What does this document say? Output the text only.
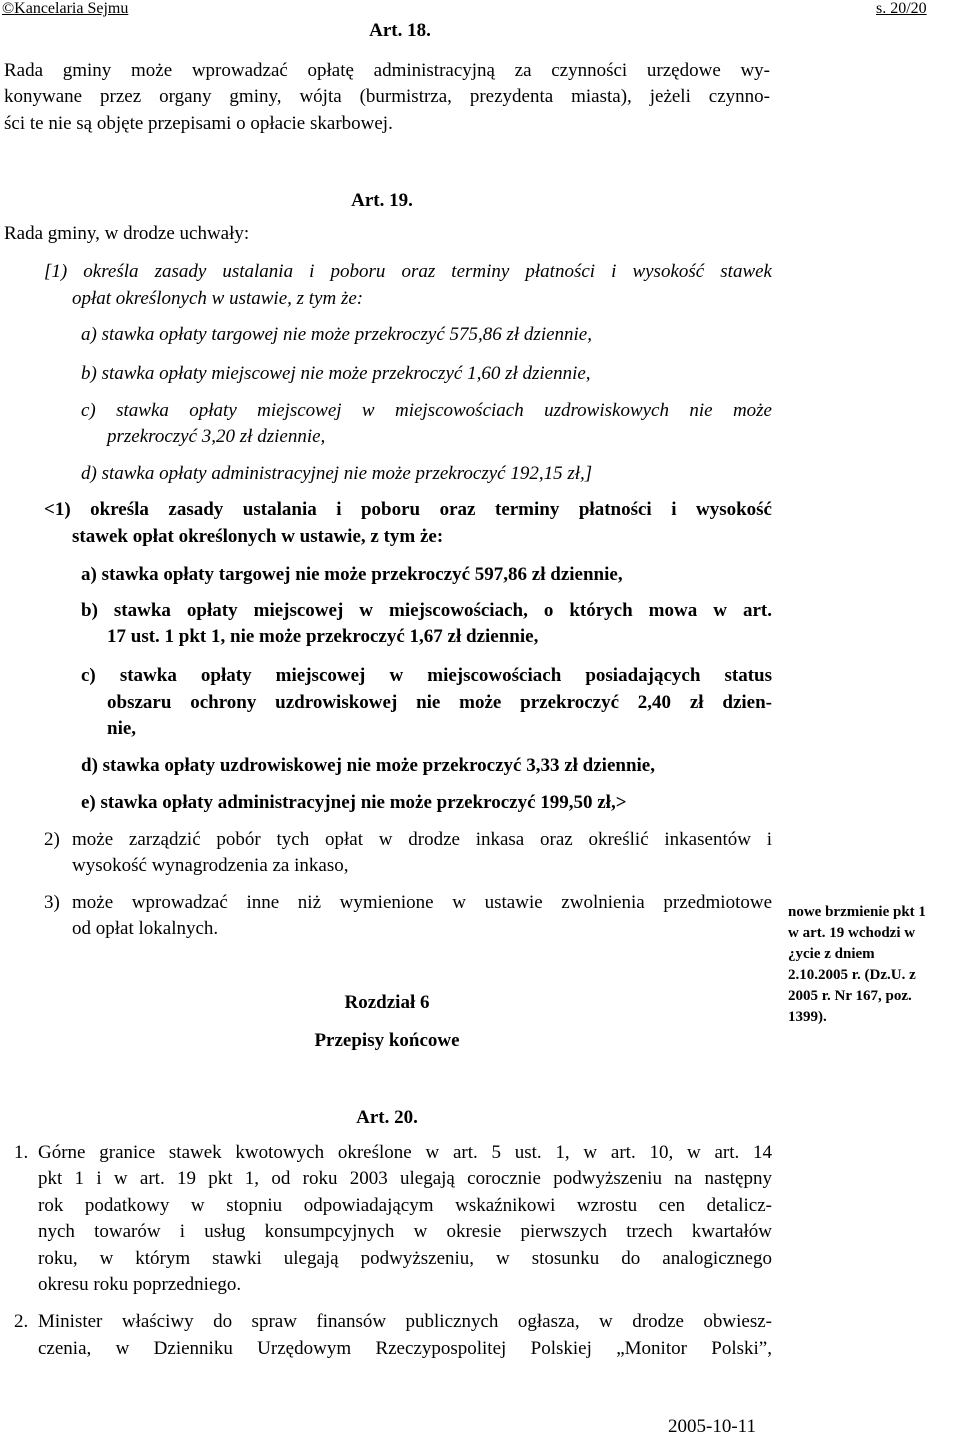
©Kancelaria Sejmu	s. 20/20
Art. 18.

Rada gminy może wprowadzać opłatę administracyjną za czynności urzędowe wy-

konywane przez organy gminy, wójta (burmistrza, prezydenta miasta), jeżeli czynno-

ści te nie są objęte przepisami o opłacie skarbowej.

Art. 19.

Rada gminy, w drodze uchwały:

[1) określa zasady ustalania i poboru oraz terminy płatności i wysokość stawek

opłat określonych w ustawie, z tym że:

a) stawka opłaty targowej nie może przekroczyć 575,86 zł dziennie,

b) stawka opłaty miejscowej nie może przekroczyć 1,60 zł dziennie,

c) stawka opłaty miejscowej w miejscowościach uzdrowiskowych nie może

przekroczyć 3,20 zł dziennie,

d) stawka opłaty administracyjnej nie może przekroczyć 192,15 zł,]

<1) określa zasady ustalania i poboru oraz terminy płatności i wysokość

stawek opłat określonych w ustawie, z tym że:

a) stawka opłaty targowej nie może przekroczyć 597,86 zł dziennie,

b) stawka opłaty miejscowej w miejscowościach, o których mowa w art.

17 ust. 1 pkt 1, nie może przekroczyć 1,67 zł dziennie,

c) stawka opłaty miejscowej w miejscowościach posiadających status

obszaru ochrony uzdrowiskowej nie może przekroczyć 2,40 zł dzien-

nie,

d) stawka opłaty uzdrowiskowej nie może przekroczyć 3,33 zł dziennie,

e) stawka opłaty administracyjnej nie może przekroczyć 199,50 zł,>

2) może zarządzić pobór tych opłat w drodze inkasa oraz określić inkasentów i

wysokość wynagrodzenia za inkaso,

3) może wprowadzać inne niż wymienione w ustawie zwolnienia przedmiotowe

od opłat lokalnych.

nowe brzmienie pkt 1
w art. 19 wchodzi w
¿ycie z dniem
2.10.2005 r. (Dz.U. z
2005 r. Nr 167, poz.
1399).
Rozdział 6
Przepisy końcowe
Art. 20.
1. Górne granice stawek kwotowych określone w art. 5 ust. 1, w art. 10, w art. 14

pkt 1 i w art. 19 pkt 1, od roku 2003 ulegają corocznie podwyższeniu na następny

rok podatkowy w stopniu odpowiadającym wskaźnikowi wzrostu cen detalicz-

nych towarów i usług konsumpcyjnych w okresie pierwszych trzech kwartałów

roku, w którym stawki ulegają podwyższeniu, w stosunku do analogicznego

okresu roku poprzedniego.

2. Minister właściwy do spraw finansów publicznych ogłasza, w drodze obwiesz-

czenia, w Dzienniku Urzędowym Rzeczypospolitej Polskiej „Monitor Polski”,

2005-10-11
